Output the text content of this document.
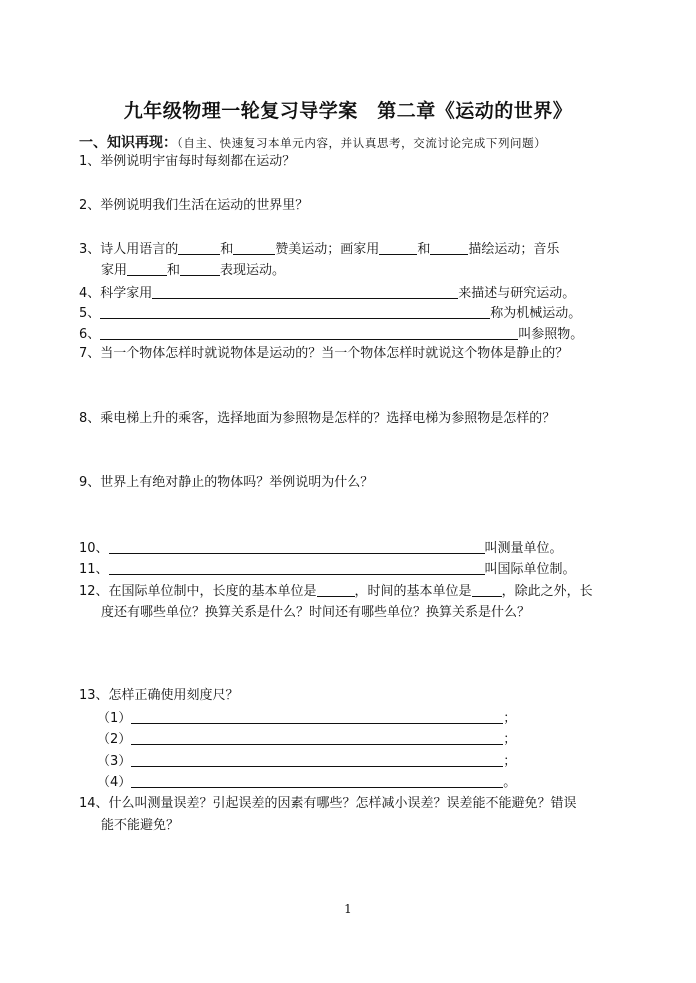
九年级物理一轮复习导学案　第二章《运动的世界》
一、知识再现：（自主、快速复习本单元内容，并认真思考，交流讨论完成下列问题）
1、举例说明宇宙每时每刻都在运动？
2、举例说明我们生活在运动的世界里？
3、诗人用语言的	和	赞美运动；画家用	和	描绘运动；音乐
家用	和	表现运动。
4、科学家用	来描述与研究运动。
5、	称为机械运动。
6、	叫参照物。
7、当一个物体怎样时就说物体是运动的？当一个物体怎样时就说这个物体是静止的？
8、乘电梯上升的乘客，选择地面为参照物是怎样的？选择电梯为参照物是怎样的？
9、世界上有绝对静止的物体吗？举例说明为什么？
10、	叫测量单位。
11、	叫国际单位制。
12、在国际单位制中，长度的基本单位是	，时间的基本单位是 ，除此之外，长
度还有哪些单位？换算关系是什么？时间还有哪些单位？换算关系是什么？
13、怎样正确使用刻度尺？
（1）	；
（2）	；
（3）	；
（4）	。
14、什么叫测量误差？引起误差的因素有哪些？怎样减小误差？误差能不能避免？错误
能不能避免？
1
